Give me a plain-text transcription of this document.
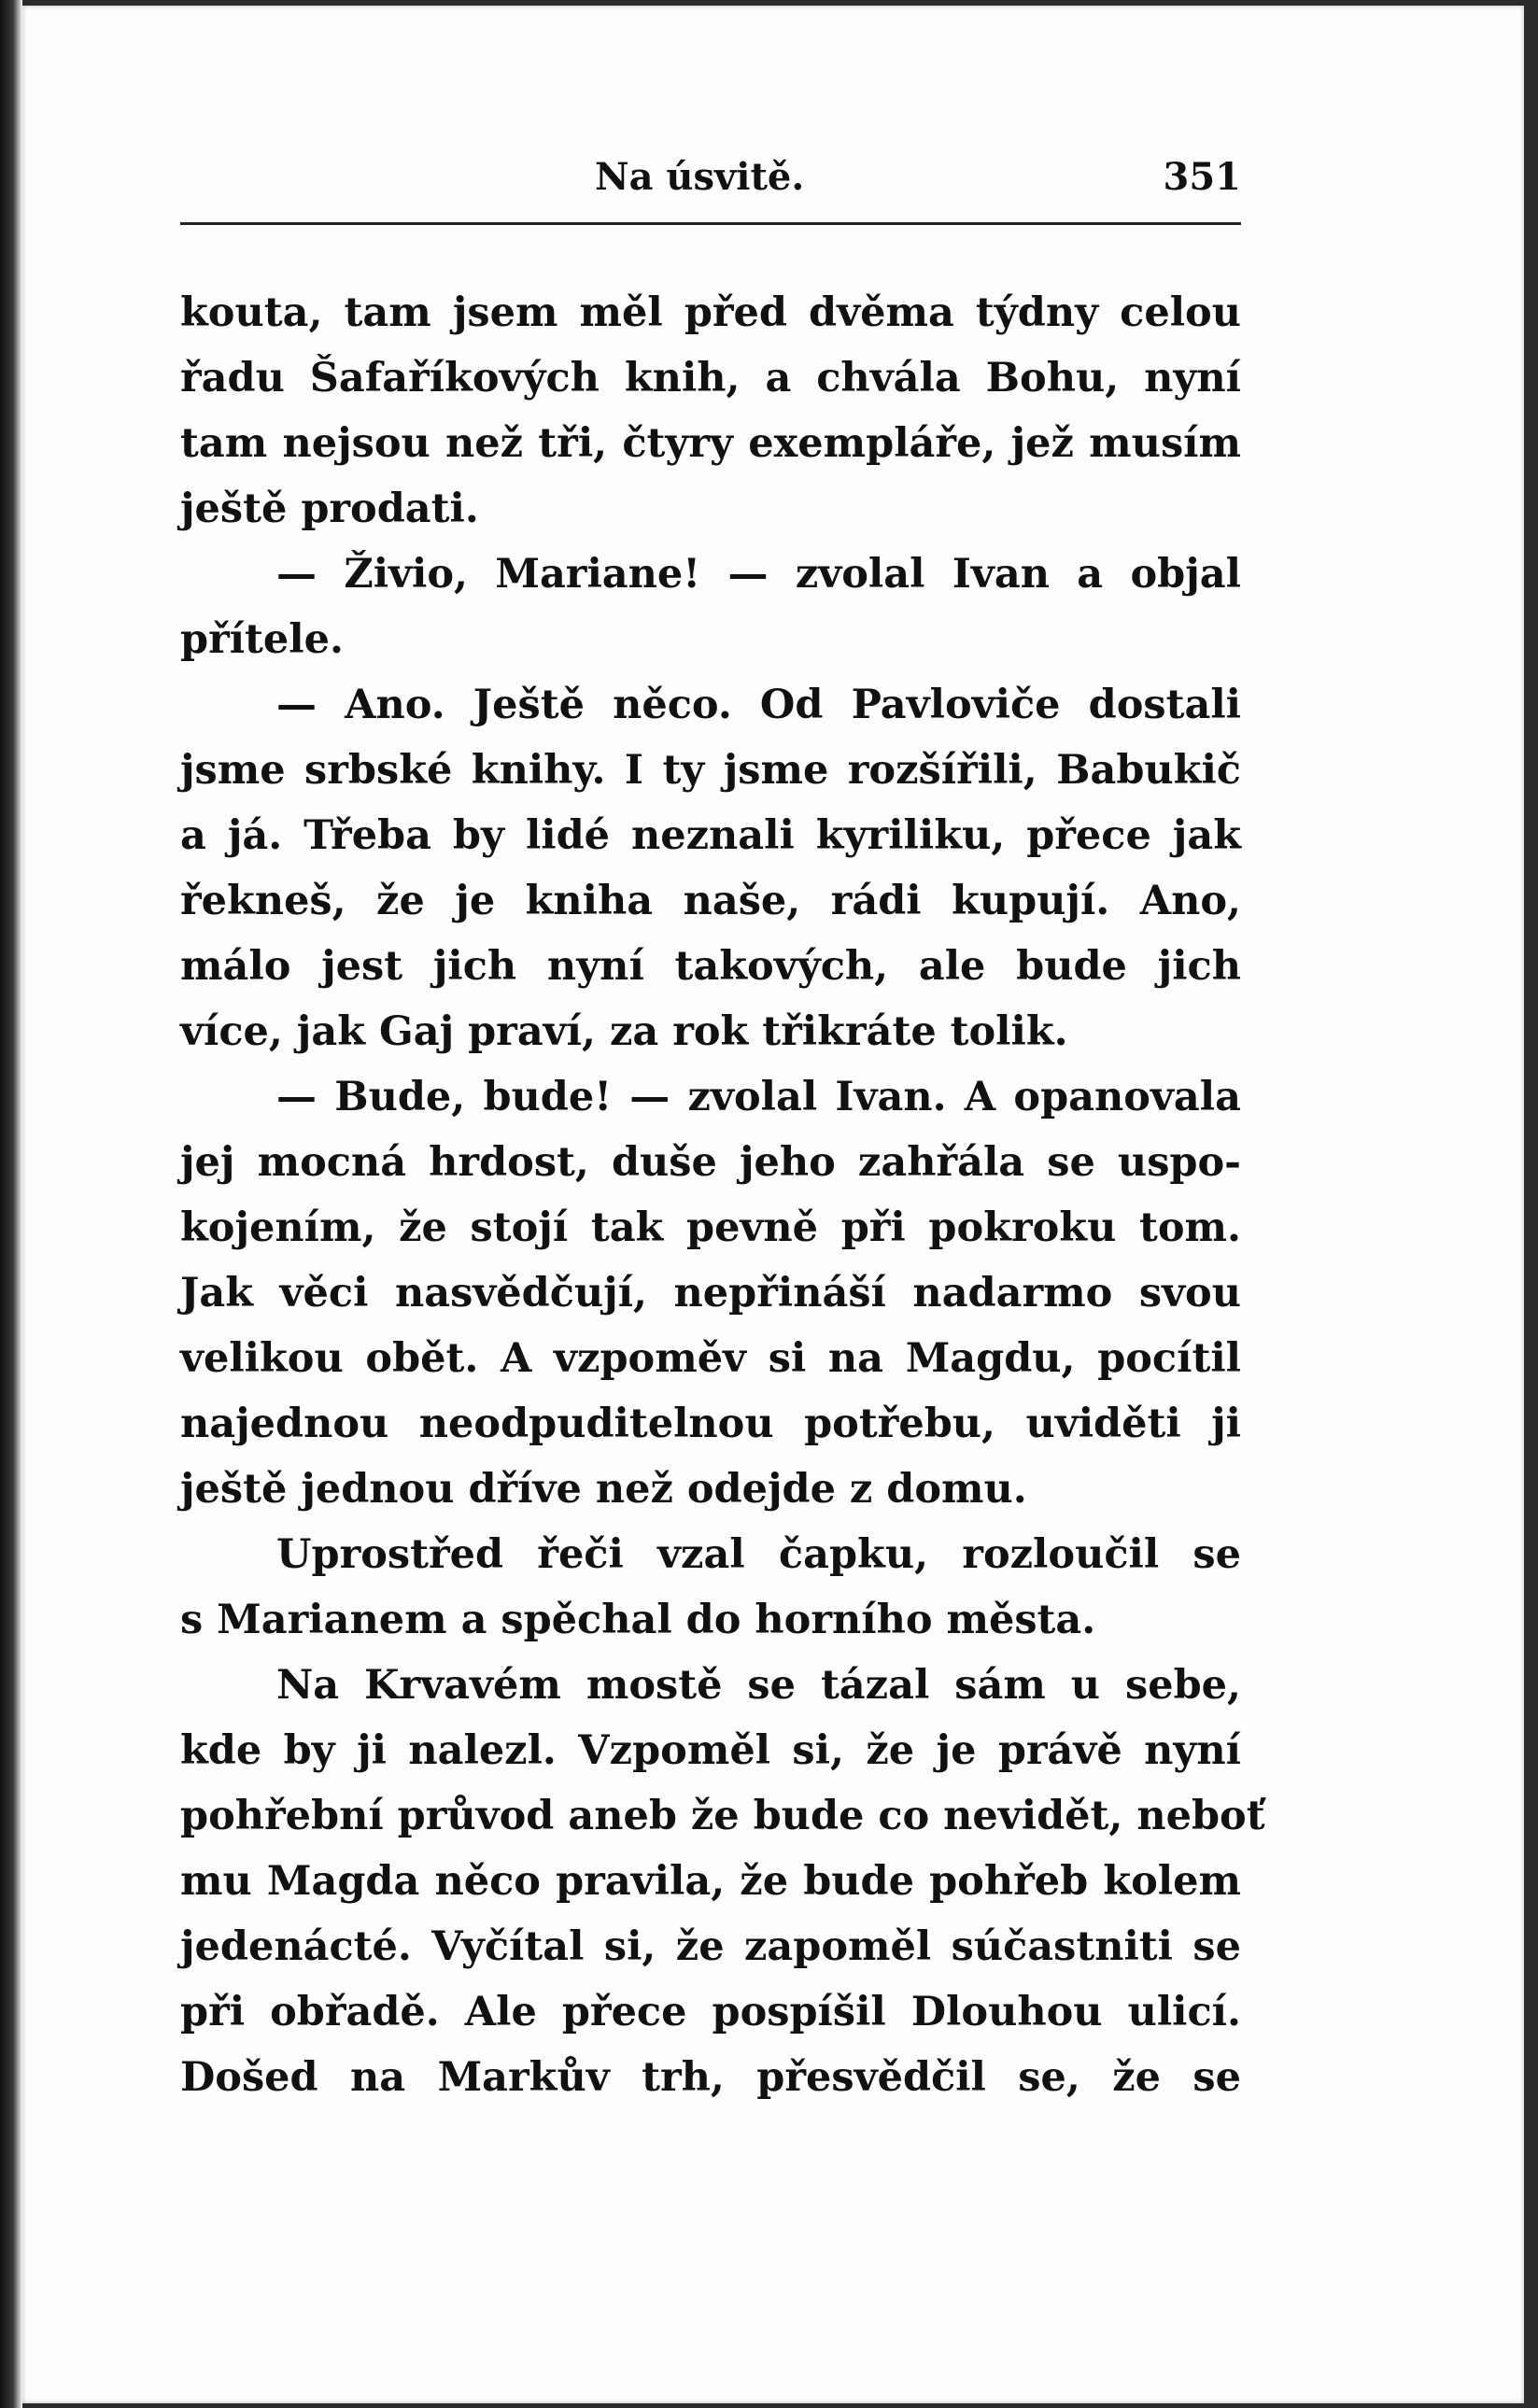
Na úsvitě.	351
kouta, tam jsem měl před dvěma týdny celou
řadu Šafaříkových knih, a chvála Bohu, nyní
tam nejsou než tři, čtyry exempláře, jež musím
ještě prodati.
— Živio, Mariane! — zvolal Ivan a objal
přítele.
— Ano. Ještě něco. Od Pavloviče dostali
jsme srbské knihy. I ty jsme rozšířili, Babukič
a já. Třeba by lidé neznali kyriliku, přece jak
řekneš, že je kniha naše, rádi kupují. Ano,
málo jest jich nyní takových, ale bude jich
více, jak Gaj praví, za rok třikráte tolik.
— Bude, bude! — zvolal Ivan. A opanovala
jej mocná hrdost, duše jeho zahřála se uspo-
kojením, že stojí tak pevně při pokroku tom.
Jak věci nasvědčují, nepřináší nadarmo svou
velikou obět. A vzpoměv si na Magdu, pocítil
najednou neodpuditelnou potřebu, uviděti ji
ještě jednou dříve než odejde z domu.
Uprostřed řeči vzal čapku, rozloučil se
s Marianem a spěchal do horního města.
Na Krvavém mostě se tázal sám u sebe,
kde by ji nalezl. Vzpoměl si, že je právě nyní
pohřební průvod aneb že bude co nevidět, neboť
mu Magda něco pravila, že bude pohřeb kolem
jedenácté. Vyčítal si, že zapoměl súčastniti se
při obřadě. Ale přece pospíšil Dlouhou ulicí.
Došed na Markův trh, přesvědčil se, že se
